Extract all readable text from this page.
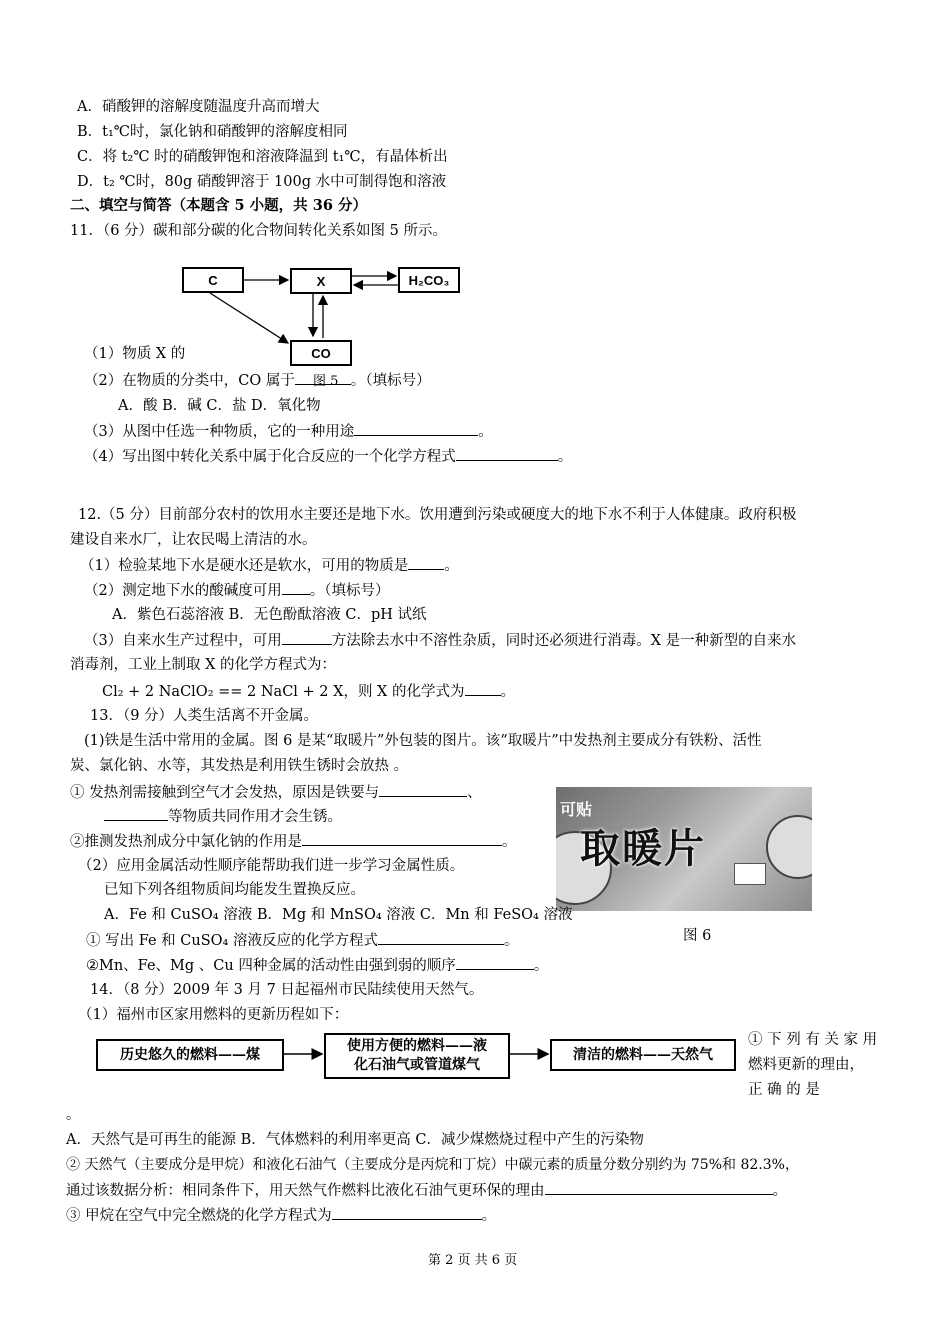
A．硝酸钾的溶解度随温度升高而增大
B．t₁℃时，氯化钠和硝酸钾的溶解度相同
C．将 t₂℃ 时的硝酸钾饱和溶液降温到 t₁℃，有晶体析出
D．t₂ ℃时，80g 硝酸钾溶于 100g 水中可制得饱和溶液
二、填空与简答（本题含 5 小题，共 36 分）
11．（6 分）碳和部分碳的化合物间转化关系如图 5 所示。
C	X	H₂CO₃
CO
图 5
（1）物质 X 的
（2）在物质的分类中，CO 属于	。（填标号）
A．酸 B．碱 C．盐 D．氧化物
（3）从图中任选一种物质，它的一种用途	。
（4）写出图中转化关系中属于化合反应的一个化学方程式	。
12.（5 分）目前部分农村的饮用水主要还是地下水。饮用遭到污染或硬度大的地下水不利于人体健康。政府积极
建设自来水厂，让农民喝上清洁的水。
（1）检验某地下水是硬水还是软水，可用的物质是 。
（2）测定地下水的酸碱度可用 。（填标号）
A．紫色石蕊溶液 B．无色酚酞溶液 C．pH 试纸
（3）自来水生产过程中，可用	方法除去水中不溶性杂质，同时还必须进行消毒。X 是一种新型的自来水
消毒剂，工业上制取 X 的化学方程式为：
Cl₂ + 2 NaClO₂ == 2 NaCl + 2 X，则 X 的化学式为 。
13．（9 分）人类生活离不开金属。
(1)铁是生活中常用的金属。图 6 是某“取暖片”外包装的图片。该“取暖片”中发热剂主要成分有铁粉、活性
炭、氯化钠、水等，其发热是利用铁生锈时会放热 。
① 发热剂需接触到空气才会发热，原因是铁要与	、
等物质共同作用才会生锈。
②推测发热剂成分中氯化钠的作用是	。
（2）应用金属活动性顺序能帮助我们进一步学习金属性质。
已知下列各组物质间均能发生置换反应。
可贴
取暖片
图 6
A．Fe 和 CuSO₄ 溶液 B．Mg 和 MnSO₄ 溶液 C．Mn 和 FeSO₄ 溶液
① 写出 Fe 和 CuSO₄ 溶液反应的化学方程式	。
②Mn、Fe、Mg 、Cu 四种金属的活动性由强到弱的顺序	。
14．（8 分）2009 年 3 月 7 日起福州市民陆续使用天然气。
（1）福州市区家用燃料的更新历程如下：
历史悠久的燃料——煤
使用方便的燃料——液
化石油气或管道煤气
清洁的燃料——天然气
① 下 列 有 关 家 用
燃料更新的理由，
正 确 的 是
。
A．天然气是可再生的能源 B．气体燃料的利用率更高 C．减少煤燃烧过程中产生的污染物
② 天然气（主要成分是甲烷）和液化石油气（主要成分是丙烷和丁烷）中碳元素的质量分数分别约为 75%和 82.3%，
通过该数据分析：相同条件下，用天然气作燃料比液化石油气更环保的理由	。
③ 甲烷在空气中完全燃烧的化学方程式为	。
第 2 页 共 6 页
